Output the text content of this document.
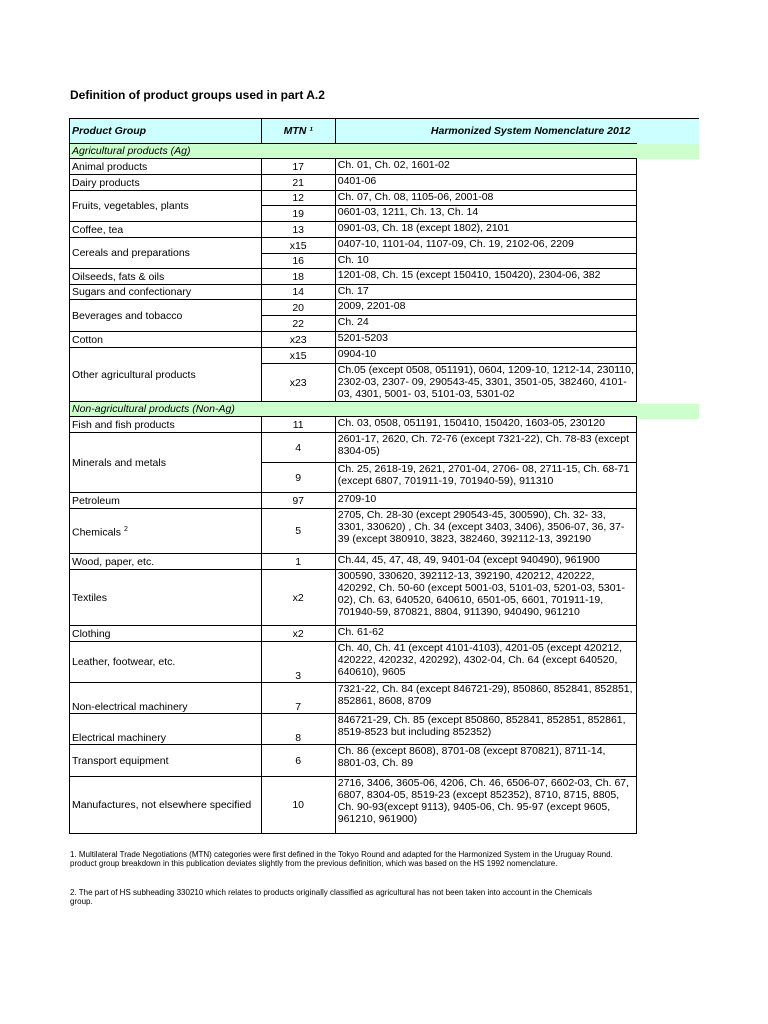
Definition of product groups used in part A.2
Product Group	MTN ¹	Harmonized System Nomenclature 2012
Agricultural products (Ag)		
Animal products	17	Ch. 01, Ch. 02, 1601-02
Dairy products	21	0401-06
Fruits, vegetables, plants	12	Ch. 07, Ch. 08, 1105-06, 2001-08
	19	0601-03, 1211, Ch. 13, Ch. 14
Coffee, tea	13	0901-03, Ch. 18 (except 1802), 2101
Cereals and preparations	x15	0407-10, 1101-04, 1107-09, Ch. 19, 2102-06, 2209
	16	Ch. 10
Oilseeds, fats & oils	18	1201-08, Ch. 15 (except 150410, 150420), 2304-06, 382
Sugars and confectionary	14	Ch. 17
Beverages and tobacco	20	2009, 2201-08
	22	Ch. 24
Cotton	x23	5201-5203
Other agricultural products	x15	0904-10
	x23	Ch.05 (except 0508, 051191), 0604, 1209-10, 1212-14, 230110, 2302-03, 2307- 09, 290543-45, 3301, 3501-05, 382460, 4101-03, 4301, 5001- 03, 5101-03, 5301-02
Non-agricultural products (Non-Ag)		
Fish and fish products	11	Ch. 03, 0508, 051191, 150410, 150420, 1603-05, 230120
Minerals and metals	4	2601-17, 2620, Ch. 72-76 (except 7321-22), Ch. 78-83 (except 8304-05)
	9	Ch. 25, 2618-19, 2621, 2701-04, 2706- 08, 2711-15, Ch. 68-71 (except 6807, 701911-19, 701940-59), 911310
Petroleum	97	2709-10
Chemicals $^2$	5	2705, Ch. 28-30 (except 290543-45, 300590), Ch. 32- 33, 3301, 330620) , Ch. 34 (except 3403, 3406), 3506-07, 36, 37-39 (except 380910, 3823, 382460, 392112-13, 392190
Wood, paper, etc.	1	Ch.44, 45, 47, 48, 49, 9401-04 (except 940490), 961900
Textiles	x2	300590, 330620, 392112-13, 392190, 420212, 420222, 420292, Ch. 50-60 (except 5001-03, 5101-03, 5201-03, 5301-02), Ch. 63, 640520, 640610, 6501-05, 6601, 701911-19, 701940-59, 870821, 8804, 911390, 940490, 961210
Clothing	x2	Ch. 61-62
Leather, footwear, etc.	3	Ch. 40, Ch. 41 (except 4101-4103), 4201-05 (except 420212, 420222, 420232, 420292), 4302-04, Ch. 64 (except 640520, 640610), 9605
Non-electrical machinery	7	7321-22, Ch. 84 (except 846721-29), 850860, 852841, 852851, 852861, 8608, 8709
Electrical machinery	8	846721-29, Ch. 85 (except 850860, 852841, 852851, 852861, 8519-8523 but including 852352)
Transport equipment	6	Ch. 86 (except 8608), 8701-08 (except 870821), 8711-14, 8801-03, Ch. 89
Manufactures, not elsewhere specified	10	2716, 3406, 3605-06, 4206, Ch. 46, 6506-07, 6602-03, Ch. 67, 6807, 8304-05, 8519-23 (except 852352), 8710, 8715, 8805, Ch. 90-93(except 9113), 9405-06, Ch. 95-97 (except 9605, 961210, 961900)
1. Multilateral Trade Negotiations (MTN) categories were first defined in the Tokyo Round and adapted for the Harmonized System in the Uruguay Round.
product group breakdown in this publication deviates slightly from the previous definition, which was based on the HS 1992 nomenclature.
2. The part of HS subheading 330210 which relates to products originally classified as agricultural has not been taken into account in the Chemicals
group.
